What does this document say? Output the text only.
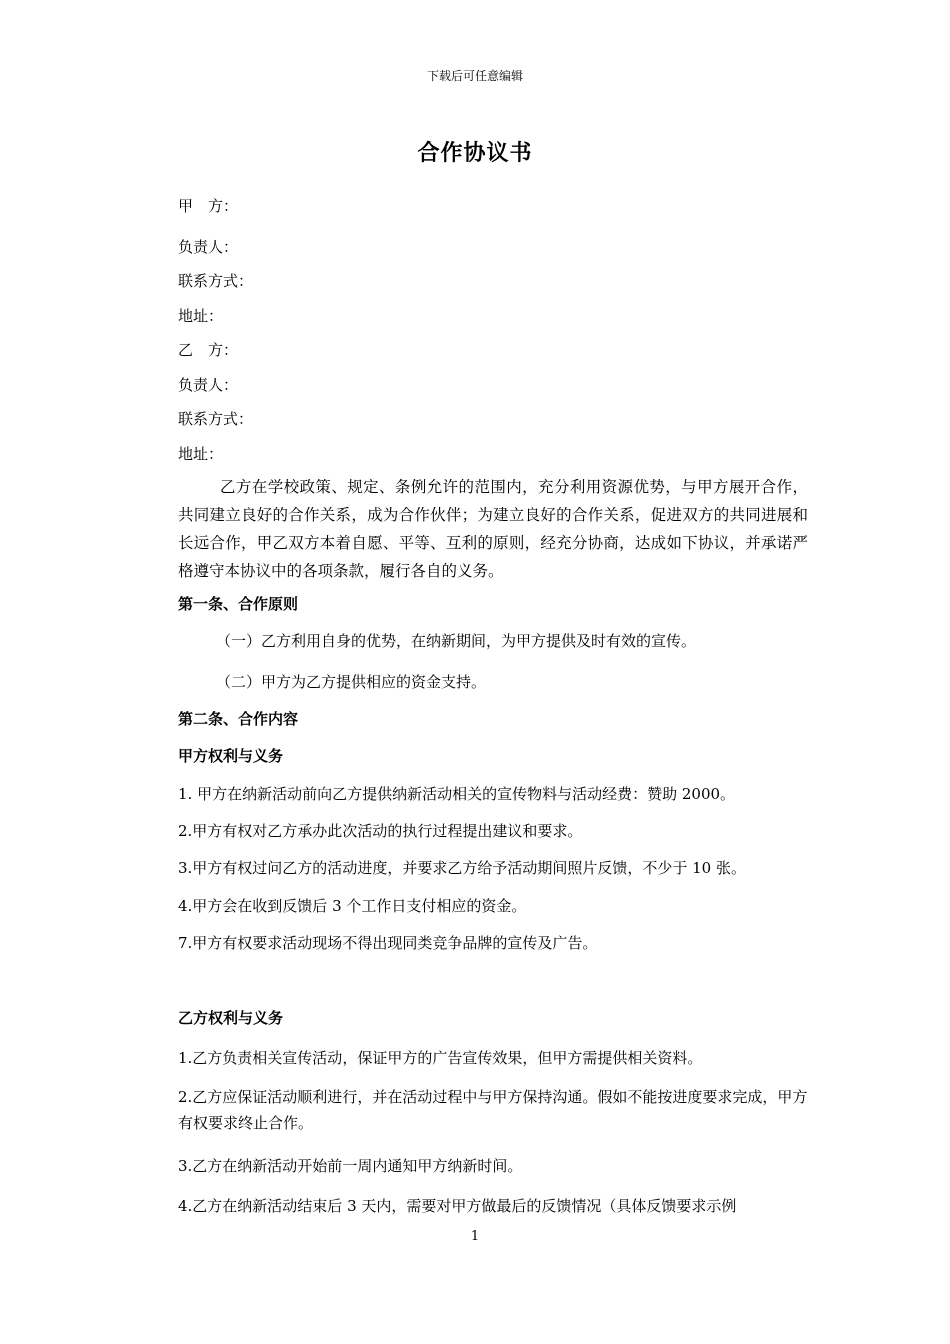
下载后可任意编辑
合作协议书
甲　方：
负责人：
联系方式：
地址：
乙　方：
负责人：
联系方式：
地址：
乙方在学校政策、规定、条例允许的范围内，充分利用资源优势，与甲方展开合作，共同建立良好的合作关系，成为合作伙伴；为建立良好的合作关系，促进双方的共同进展和长远合作，甲乙双方本着自愿、平等、互利的原则，经充分协商，达成如下协议，并承诺严格遵守本协议中的各项条款，履行各自的义务。
第一条、合作原则
（一）乙方利用自身的优势，在纳新期间，为甲方提供及时有效的宣传。
（二）甲方为乙方提供相应的资金支持。
第二条、合作内容
甲方权利与义务
1. 甲方在纳新活动前向乙方提供纳新活动相关的宣传物料与活动经费：赞助 2000。
2.甲方有权对乙方承办此次活动的执行过程提出建议和要求。
3.甲方有权过问乙方的活动进度，并要求乙方给予活动期间照片反馈，不少于 10 张。
4.甲方会在收到反馈后 3 个工作日支付相应的资金。
7.甲方有权要求活动现场不得出现同类竞争品牌的宣传及广告。
乙方权利与义务
1.乙方负责相关宣传活动，保证甲方的广告宣传效果，但甲方需提供相关资料。
2.乙方应保证活动顺利进行，并在活动过程中与甲方保持沟通。假如不能按进度要求完成，甲方有权要求终止合作。
3.乙方在纳新活动开始前一周内通知甲方纳新时间。
4.乙方在纳新活动结束后 3 天内，需要对甲方做最后的反馈情况（具体反馈要求示例
1
